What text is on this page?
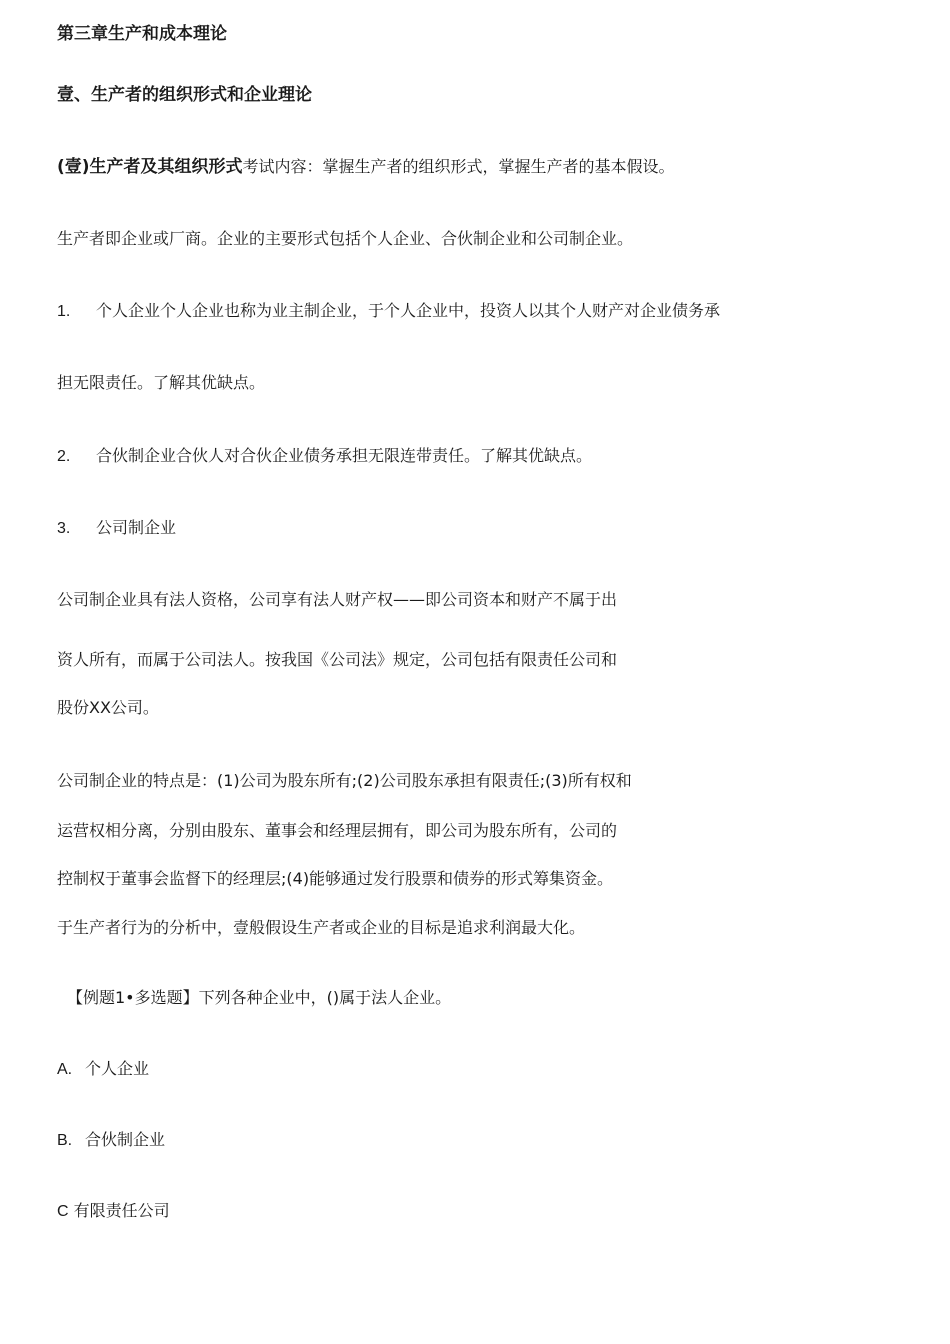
第三章生产和成本理论
壹、生产者的组织形式和企业理论
(壹)生产者及其组织形式考试内容：掌握生产者的组织形式，掌握生产者的基本假设。
生产者即企业或厂商。企业的主要形式包括个人企业、合伙制企业和公司制企业。
1. 个人企业个人企业也称为业主制企业，于个人企业中，投资人以其个人财产对企业债务承
担无限责任。了解其优缺点。
2. 合伙制企业合伙人对合伙企业债务承担无限连带责任。了解其优缺点。
3. 公司制企业
公司制企业具有法人资格，公司享有法人财产权——即公司资本和财产不属于出
资人所有，而属于公司法人。按我国《公司法》规定，公司包括有限责任公司和
股份XX公司。
公司制企业的特点是：(1)公司为股东所有;(2)公司股东承担有限责任;(3)所有权和
运营权相分离，分别由股东、董事会和经理层拥有，即公司为股东所有，公司的
控制权于董事会监督下的经理层;(4)能够通过发行股票和债券的形式筹集资金。
于生产者行为的分析中，壹般假设生产者或企业的目标是追求利润最大化。
【例题1•多选题】下列各种企业中，()属于法人企业。
A. 个人企业
B. 合伙制企业
C 有限责任公司
